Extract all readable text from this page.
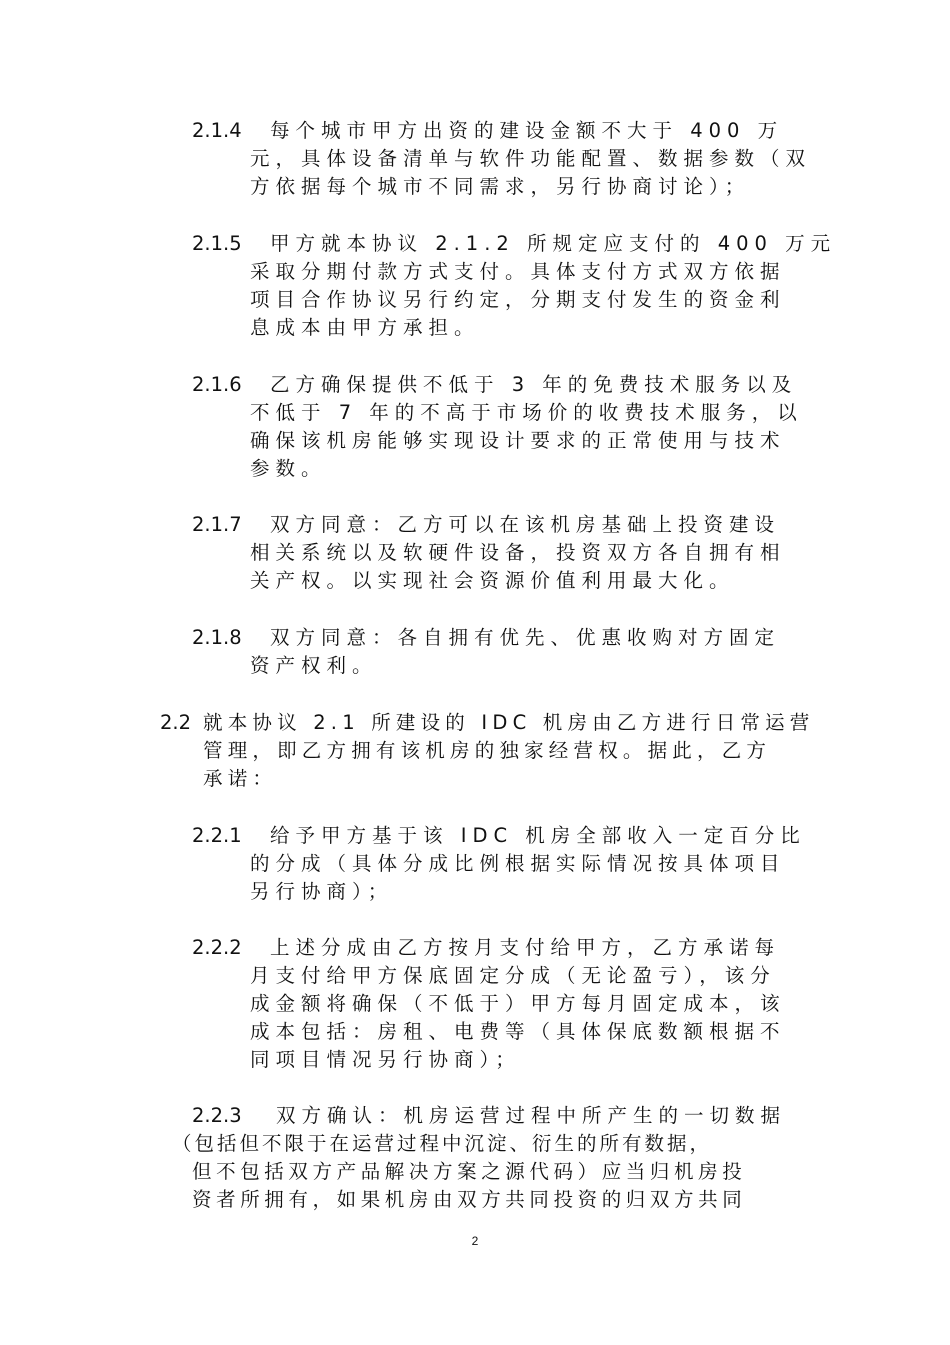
2.1.4 每个城市甲方出资的建设金额不大于 400 万
元，具体设备清单与软件功能配置、数据参数（双
方依据每个城市不同需求，另行协商讨论）；
2.1.5 甲方就本协议 2.1.2 所规定应支付的 400 万元
采取分期付款方式支付。具体支付方式双方依据
项目合作协议另行约定，分期支付发生的资金利
息成本由甲方承担。
2.1.6 乙方确保提供不低于 3 年的免费技术服务以及
不低于 7 年的不高于市场价的收费技术服务，以
确保该机房能够实现设计要求的正常使用与技术
参数。
2.1.7 双方同意：乙方可以在该机房基础上投资建设
相关系统以及软硬件设备，投资双方各自拥有相
关产权。以实现社会资源价值利用最大化。
2.1.8 双方同意：各自拥有优先、优惠收购对方固定
资产权利。
2.2 就本协议 2.1 所建设的 IDC 机房由乙方进行日常运营
管理，即乙方拥有该机房的独家经营权。据此，乙方
承诺：
2.2.1 给予甲方基于该 IDC 机房全部收入一定百分比
的分成（具体分成比例根据实际情况按具体项目
另行协商）；
2.2.2 上述分成由乙方按月支付给甲方，乙方承诺每
月支付给甲方保底固定分成（无论盈亏），该分
成金额将确保（不低于）甲方每月固定成本，该
成本包括：房租、电费等（具体保底数额根据不
同项目情况另行协商）；
2.2.3 双方确认：机房运营过程中所产生的一切数据
（包括但不限于在运营过程中沉淀、衍生的所有数据，
但不包括双方产品解决方案之源代码）应当归机房投
资者所拥有，如果机房由双方共同投资的归双方共同
2
